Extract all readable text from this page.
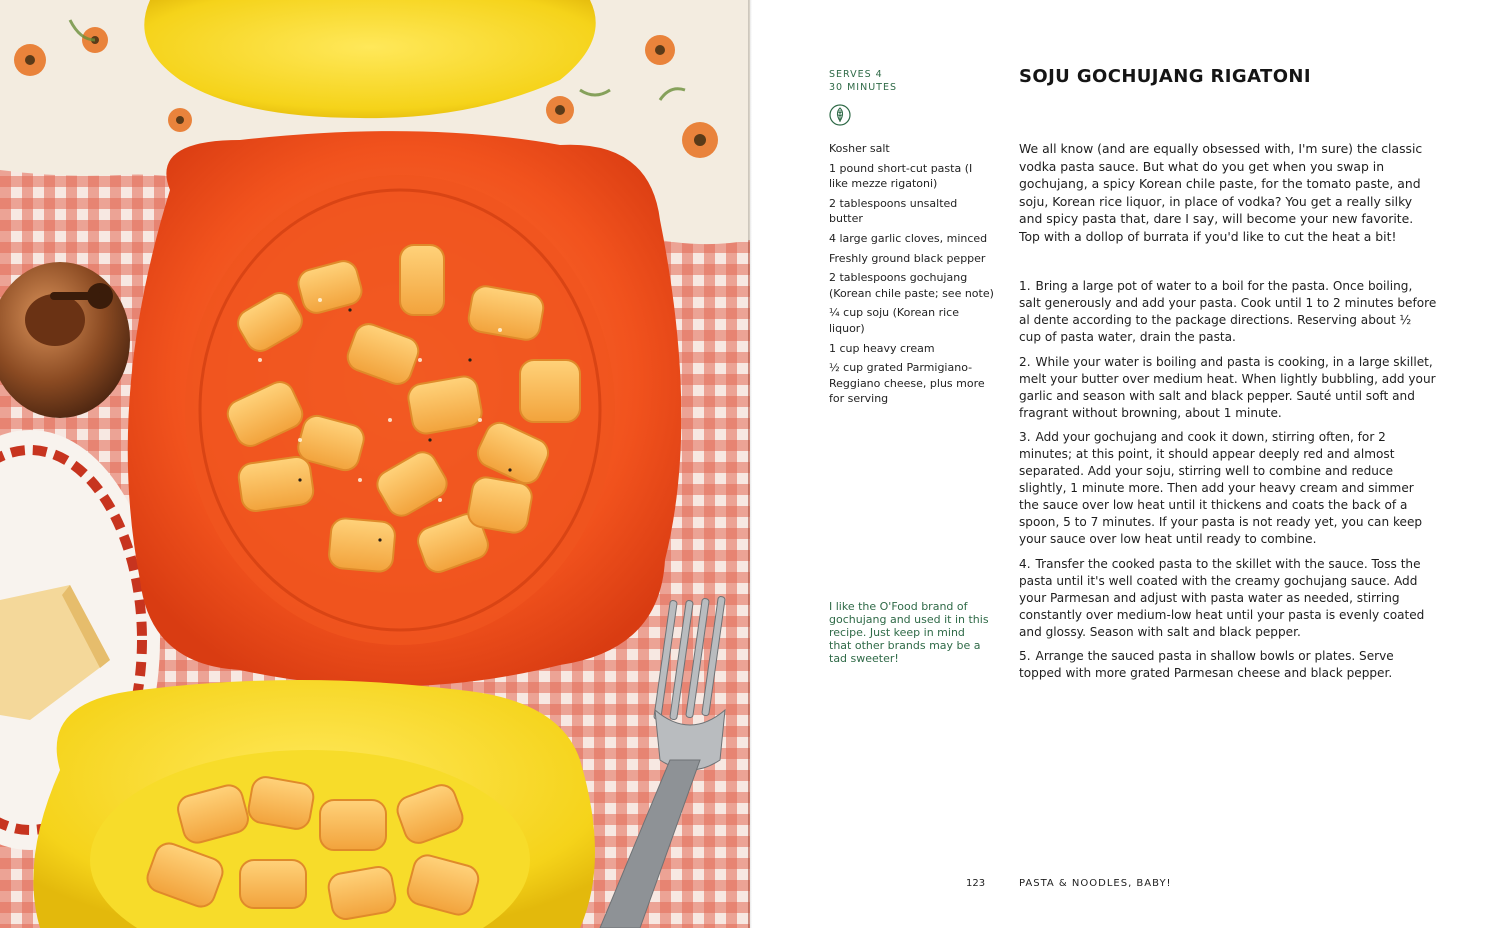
SERVES 4
30 MINUTES
SOJU GOCHUJANG RIGATONI
Kosher salt
1 pound short-cut pasta (I like mezze rigatoni)
2 tablespoons unsalted butter
4 large garlic cloves, minced
Freshly ground black pepper
2 tablespoons gochujang (Korean chile paste; see note)
¼ cup soju (Korean rice liquor)
1 cup heavy cream
½ cup grated Parmigiano-Reggiano cheese, plus more for serving
I like the O'Food brand of gochujang and used it in this recipe. Just keep in mind that other brands may be a tad sweeter!

We all know (and are equally obsessed with, I'm sure) the classic vodka pasta sauce. But what do you get when you swap in gochujang, a spicy Korean chile paste, for the tomato paste, and soju, Korean rice liquor, in place of vodka? You get a really silky and spicy pasta that, dare I say, will become your new favorite. Top with a dollop of burrata if you'd like to cut the heat a bit!

1. Bring a large pot of water to a boil for the pasta. Once boiling, salt generously and add your pasta. Cook until 1 to 2 minutes before al dente according to the package directions. Reserving about ½ cup of pasta water, drain the pasta.
2. While your water is boiling and pasta is cooking, in a large skillet, melt your butter over medium heat. When lightly bubbling, add your garlic and season with salt and black pepper. Sauté until soft and fragrant without browning, about 1 minute.
3. Add your gochujang and cook it down, stirring often, for 2 minutes; at this point, it should appear deeply red and almost separated. Add your soju, stirring well to combine and reduce slightly, 1 minute more. Then add your heavy cream and simmer the sauce over low heat until it thickens and coats the back of a spoon, 5 to 7 minutes. If your pasta is not ready yet, you can keep your sauce over low heat until ready to combine.
4. Transfer the cooked pasta to the skillet with the sauce. Toss the pasta until it's well coated with the creamy gochujang sauce. Add your Parmesan and adjust with pasta water as needed, stirring constantly over medium-low heat until your pasta is evenly coated and glossy. Season with salt and black pepper.
5. Arrange the sauced pasta in shallow bowls or plates. Serve topped with more grated Parmesan cheese and black pepper.
123	PASTA & NOODLES, BABY!
